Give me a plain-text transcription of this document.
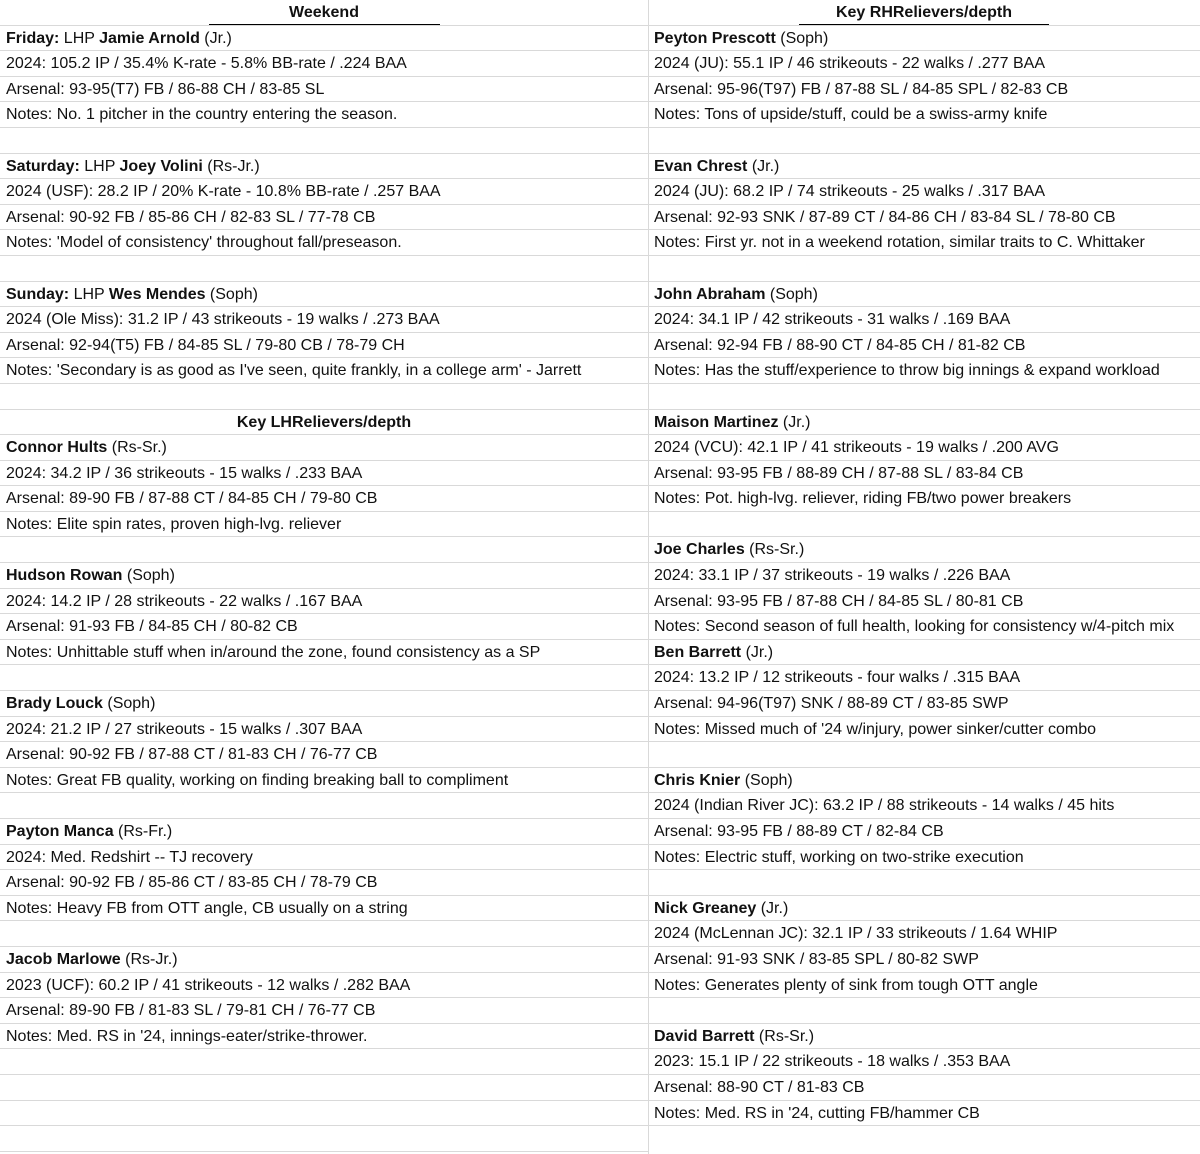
Weekend
Friday: LHP Jamie Arnold (Jr.)
2024: 105.2 IP / 35.4% K-rate - 5.8% BB-rate / .224 BAA
Arsenal: 93-95(T7) FB / 86-88 CH / 83-85 SL
Notes: No. 1 pitcher in the country entering the season.
Saturday: LHP Joey Volini (Rs-Jr.)
2024 (USF): 28.2 IP / 20% K-rate - 10.8% BB-rate / .257 BAA
Arsenal: 90-92 FB / 85-86 CH / 82-83 SL / 77-78 CB
Notes: 'Model of consistency' throughout fall/preseason.
Sunday: LHP Wes Mendes (Soph)
2024 (Ole Miss): 31.2 IP / 43 strikeouts - 19 walks / .273 BAA
Arsenal: 92-94(T5) FB / 84-85 SL / 79-80 CB / 78-79 CH
Notes: 'Secondary is as good as I've seen, quite frankly, in a college arm' - Jarrett
Key LHRelievers/depth
Connor Hults (Rs-Sr.)
2024: 34.2 IP / 36 strikeouts - 15 walks / .233 BAA
Arsenal: 89-90 FB / 87-88 CT / 84-85 CH / 79-80 CB
Notes: Elite spin rates, proven high-lvg. reliever
Hudson Rowan (Soph)
2024: 14.2 IP / 28 strikeouts - 22 walks / .167 BAA
Arsenal: 91-93 FB / 84-85 CH / 80-82 CB
Notes: Unhittable stuff when in/around the zone, found consistency as a SP
Brady Louck (Soph)
2024: 21.2 IP / 27 strikeouts - 15 walks / .307 BAA
Arsenal: 90-92 FB / 87-88 CT / 81-83 CH / 76-77 CB
Notes: Great FB quality, working on finding breaking ball to compliment
Payton Manca (Rs-Fr.)
2024: Med. Redshirt -- TJ recovery
Arsenal: 90-92 FB / 85-86 CT / 83-85 CH / 78-79 CB
Notes: Heavy FB from OTT angle, CB usually on a string
Jacob Marlowe (Rs-Jr.)
2023 (UCF): 60.2 IP / 41 strikeouts - 12 walks / .282 BAA
Arsenal: 89-90 FB / 81-83 SL / 79-81 CH / 76-77 CB
Notes: Med. RS in '24, innings-eater/strike-thrower.
Key RHRelievers/depth
Peyton Prescott (Soph)
2024 (JU): 55.1 IP / 46 strikeouts - 22 walks / .277 BAA
Arsenal: 95-96(T97) FB / 87-88 SL / 84-85 SPL / 82-83 CB
Notes: Tons of upside/stuff, could be a swiss-army knife
Evan Chrest (Jr.)
2024 (JU): 68.2 IP / 74 strikeouts - 25 walks / .317 BAA
Arsenal: 92-93 SNK / 87-89 CT / 84-86 CH / 83-84 SL / 78-80 CB
Notes: First yr. not in a weekend rotation, similar traits to C. Whittaker
John Abraham (Soph)
2024: 34.1 IP / 42 strikeouts - 31 walks / .169 BAA
Arsenal: 92-94 FB / 88-90 CT / 84-85 CH / 81-82 CB
Notes: Has the stuff/experience to throw big innings & expand workload
Maison Martinez (Jr.)
2024 (VCU): 42.1 IP / 41 strikeouts - 19 walks / .200 AVG
Arsenal: 93-95 FB / 88-89 CH / 87-88 SL / 83-84 CB
Notes: Pot. high-lvg. reliever, riding FB/two power breakers
Joe Charles (Rs-Sr.)
2024: 33.1 IP / 37 strikeouts - 19 walks / .226 BAA
Arsenal: 93-95 FB / 87-88 CH / 84-85 SL / 80-81 CB
Notes: Second season of full health, looking for consistency w/4-pitch mix
Ben Barrett (Jr.)
2024: 13.2 IP / 12 strikeouts - four walks / .315 BAA
Arsenal: 94-96(T97) SNK / 88-89 CT / 83-85 SWP
Notes: Missed much of '24 w/injury, power sinker/cutter combo
Chris Knier (Soph)
2024 (Indian River JC): 63.2 IP / 88 strikeouts - 14 walks / 45 hits
Arsenal: 93-95 FB / 88-89 CT / 82-84 CB
Notes: Electric stuff, working on two-strike execution
Nick Greaney (Jr.)
2024 (McLennan JC): 32.1 IP / 33 strikeouts / 1.64 WHIP
Arsenal: 91-93 SNK / 83-85 SPL / 80-82 SWP
Notes: Generates plenty of sink from tough OTT angle
David Barrett (Rs-Sr.)
2023: 15.1 IP / 22 strikeouts - 18 walks / .353 BAA
Arsenal: 88-90 CT / 81-83 CB
Notes: Med. RS in '24, cutting FB/hammer CB
